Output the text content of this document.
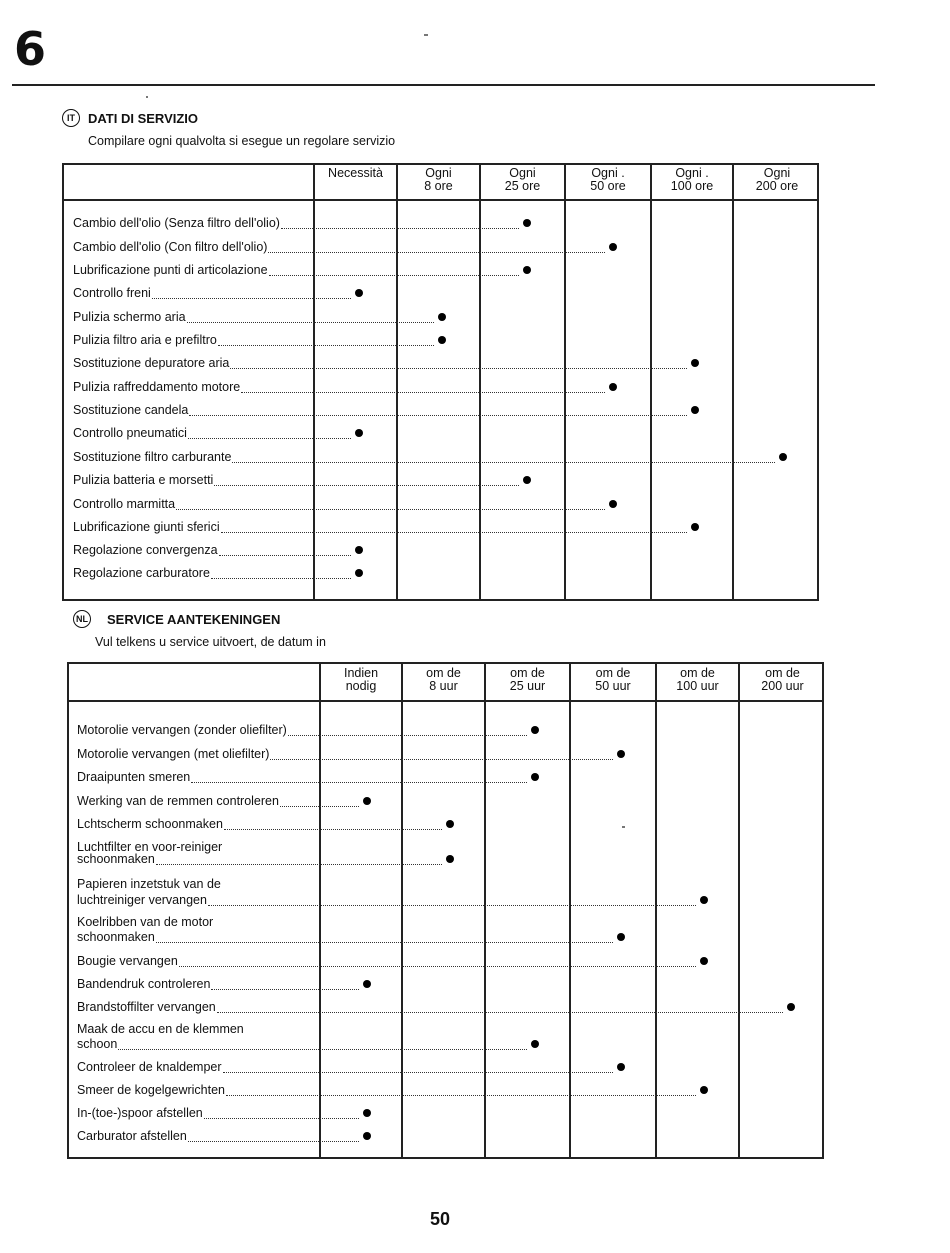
6
IT	DATI DI SERVIZIO
Compilare ogni qualvolta si esegue un regolare servizio
Necessità	Ogni
8 ore
Ogni
25 ore
Ogni .
50 ore
Ogni .
100 ore
Ogni
200 ore
Cambio dell'olio (Senza filtro dell'olio)
Cambio dell'olio (Con filtro dell'olio)
Lubrificazione punti di articolazione
Controllo freni
Pulizia schermo aria
Pulizia filtro aria e prefiltro
Sostituzione depuratore aria
Pulizia raffreddamento motore
Sostituzione candela
Controllo pneumatici
Sostituzione filtro carburante
Pulizia batteria e morsetti
Controllo marmitta
Lubrificazione giunti sferici
Regolazione convergenza
Regolazione carburatore
NL SERVICE AANTEKENINGEN
Vul telkens u service uitvoert, de datum in
Indien
nodig
om de
8 uur
om de
25 uur
om de
50 uur
om de
100 uur
om de
200 uur
Motorolie vervangen (zonder oliefilter)
Motorolie vervangen (met oliefilter)
Draaipunten smeren
Werking van de remmen controleren
Lchtscherm schoonmaken
Luchtfilter en voor-reiniger
schoonmaken
Papieren inzetstuk van de
luchtreiniger vervangen
Koelribben van de motor
schoonmaken
Bougie vervangen
Bandendruk controleren
Brandstoffilter vervangen
Maak de accu en de klemmen
schoon
Controleer de knaldemper
Smeer de kogelgewrichten
In-(toe-)spoor afstellen
Carburator afstellen
50
